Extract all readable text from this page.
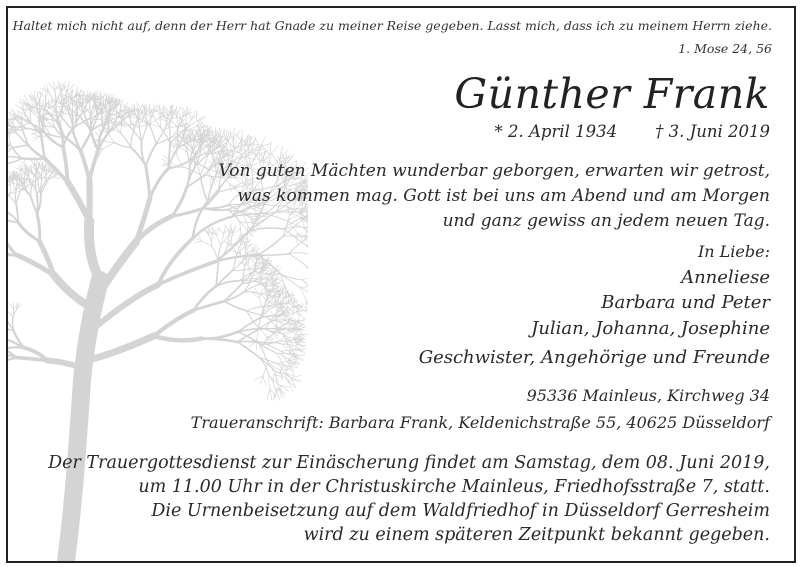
Haltet mich nicht auf, denn der Herr hat Gnade zu meiner Reise gegeben. Lasst mich, dass ich zu meinem Herrn ziehe.
1. Mose 24, 56
Günther Frank
* 2. April 1934 † 3. Juni 2019
Von guten Mächten wunderbar geborgen, erwarten wir getrost,
was kommen mag. Gott ist bei uns am Abend und am Morgen
und ganz gewiss an jedem neuen Tag.
In Liebe:
Anneliese
Barbara und Peter
Julian, Johanna, Josephine
Geschwister, Angehörige und Freunde
95336 Mainleus, Kirchweg 34
Traueranschrift: Barbara Frank, Keldenichstraße 55, 40625 Düsseldorf
Der Trauergottesdienst zur Einäscherung findet am Samstag, dem 08. Juni 2019,
um 11.00 Uhr in der Christuskirche Mainleus, Friedhofsstraße 7, statt.
Die Urnenbeisetzung auf dem Waldfriedhof in Düsseldorf Gerresheim
wird zu einem späteren Zeitpunkt bekannt gegeben.
